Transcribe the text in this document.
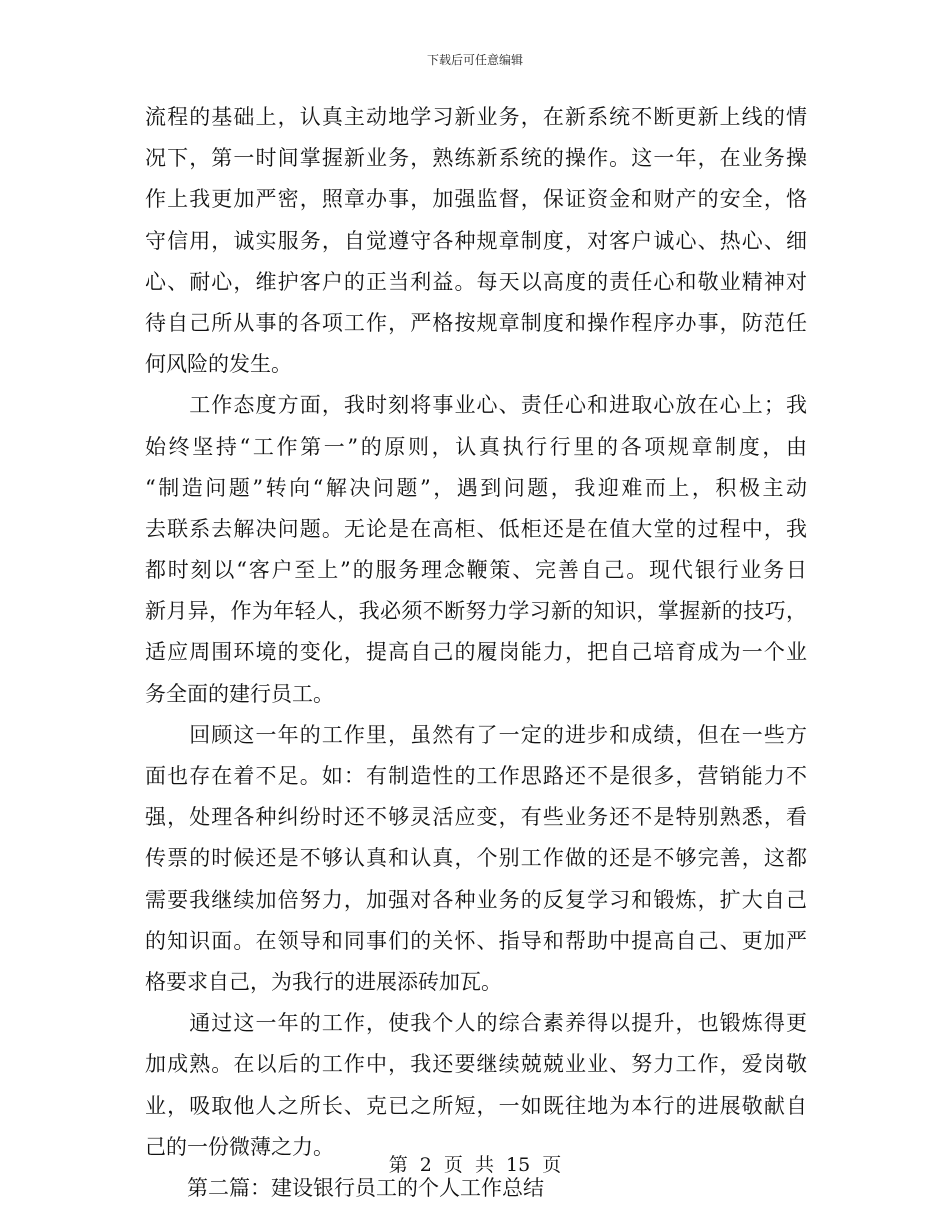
下载后可任意编辑
流程的基础上，认真主动地学习新业务，在新系统不断更新上线的情
况下，第一时间掌握新业务，熟练新系统的操作。这一年，在业务操
作上我更加严密，照章办事，加强监督，保证资金和财产的安全，恪
守信用，诚实服务，自觉遵守各种规章制度，对客户诚心、热心、细
心、耐心，维护客户的正当利益。每天以高度的责任心和敬业精神对
待自己所从事的各项工作，严格按规章制度和操作程序办事，防范任
何风险的发生。
　　工作态度方面，我时刻将事业心、责任心和进取心放在心上；我
始终坚持“工作第一”的原则，认真执行行里的各项规章制度，由
“制造问题”转向“解决问题”，遇到问题，我迎难而上，积极主动
去联系去解决问题。无论是在高柜、低柜还是在值大堂的过程中，我
都时刻以“客户至上”的服务理念鞭策、完善自己。现代银行业务日
新月异，作为年轻人，我必须不断努力学习新的知识，掌握新的技巧，
适应周围环境的变化，提高自己的履岗能力，把自己培育成为一个业
务全面的建行员工。
　　回顾这一年的工作里，虽然有了一定的进步和成绩，但在一些方
面也存在着不足。如：有制造性的工作思路还不是很多，营销能力不
强，处理各种纠纷时还不够灵活应变，有些业务还不是特别熟悉，看
传票的时候还是不够认真和认真，个别工作做的还是不够完善，这都
需要我继续加倍努力，加强对各种业务的反复学习和锻炼，扩大自己
的知识面。在领导和同事们的关怀、指导和帮助中提高自己、更加严
格要求自己，为我行的进展添砖加瓦。
　　通过这一年的工作，使我个人的综合素养得以提升，也锻炼得更
加成熟。在以后的工作中，我还要继续兢兢业业、努力工作，爱岗敬
业，吸取他人之所长、克已之所短，一如既往地为本行的进展敬献自
己的一份微薄之力。
　　第二篇：建设银行员工的个人工作总结
第 2 页 共 15 页
